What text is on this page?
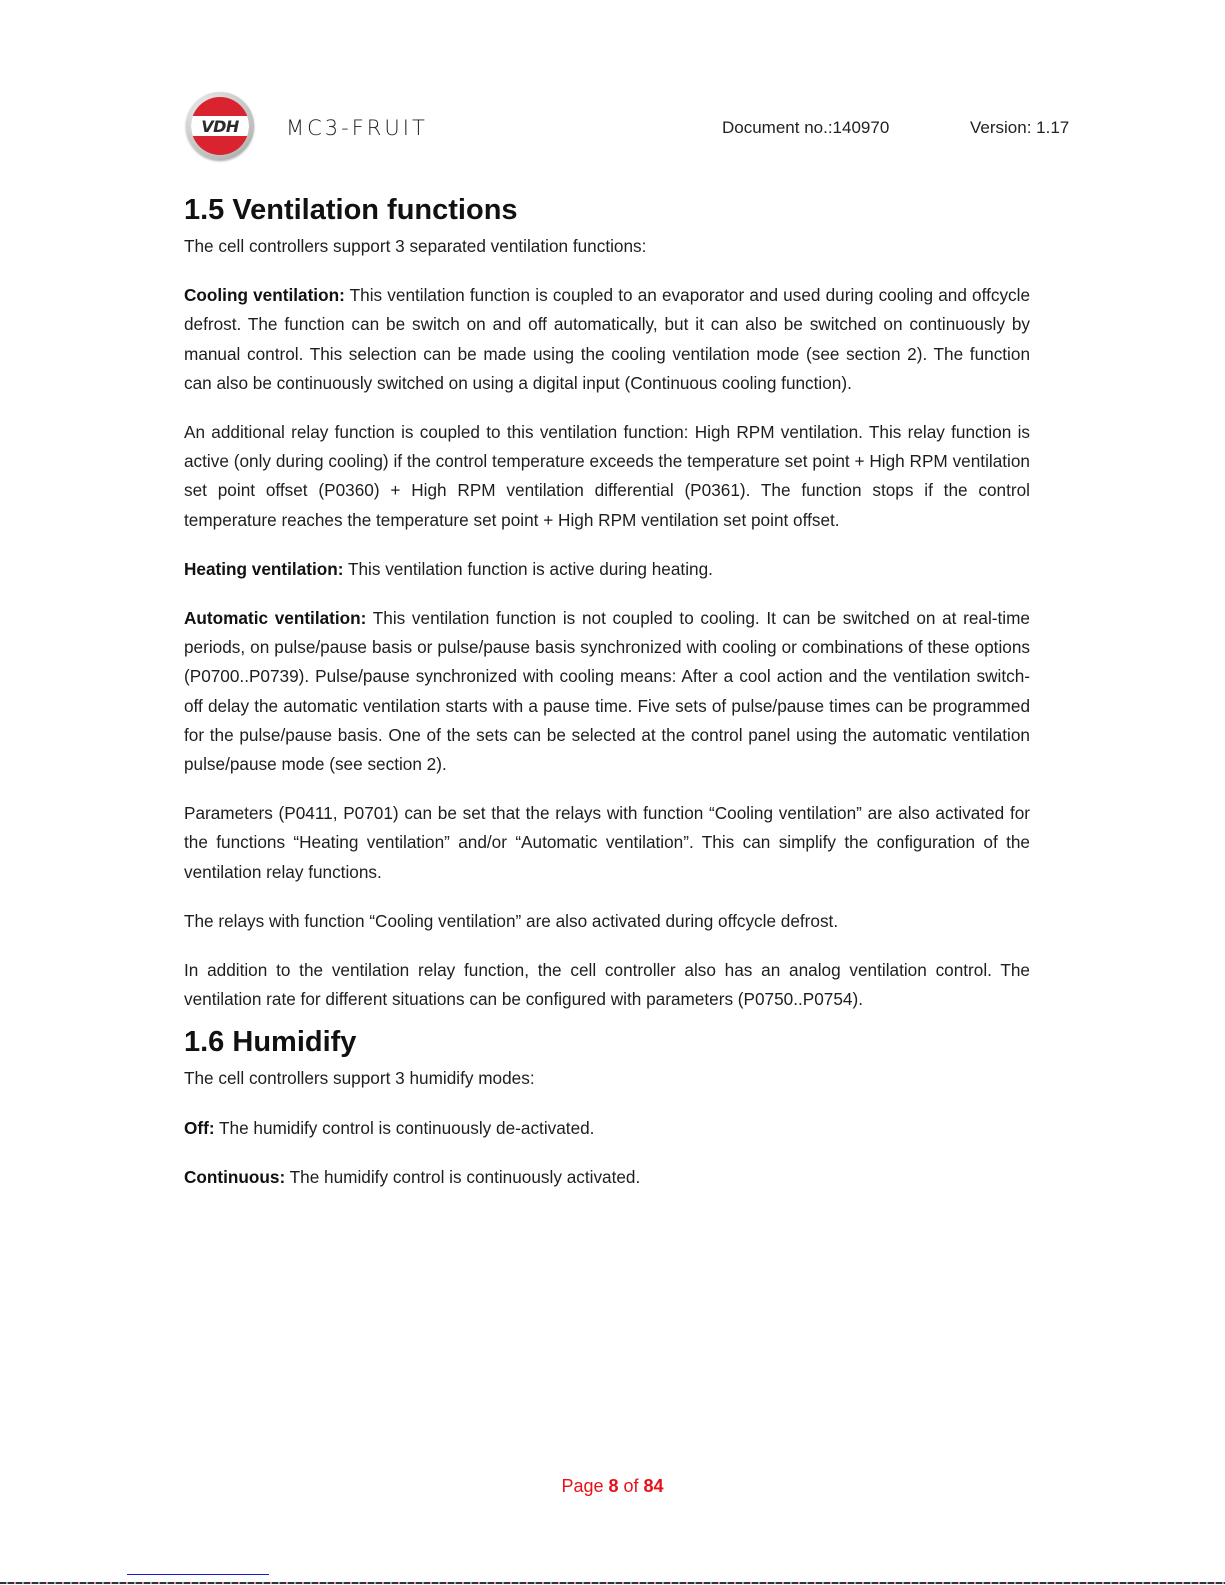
VDH MC3-FRUIT	Document no.:140970	Version: 1.17
1.5 Ventilation functions

The cell controllers support 3 separated ventilation functions:

Cooling ventilation: This ventilation function is coupled to an evaporator and used during cooling and offcycle defrost. The function can be switch on and off automatically, but it can also be switched on continuously by manual control. This selection can be made using the cooling ventilation mode (see section 2). The function can also be continuously switched on using a digital input (Continuous cooling function).

An additional relay function is coupled to this ventilation function: High RPM ventilation. This relay function is active (only during cooling) if the control temperature exceeds the temperature set point + High RPM ventilation set point offset (P0360) + High RPM ventilation differential (P0361). The function stops if the control temperature reaches the temperature set point + High RPM ventilation set point offset.

Heating ventilation: This ventilation function is active during heating.

Automatic ventilation: This ventilation function is not coupled to cooling. It can be switched on at real-time periods, on pulse/pause basis or pulse/pause basis synchronized with cooling or combinations of these options (P0700..P0739). Pulse/pause synchronized with cooling means: After a cool action and the ventilation switch-off delay the automatic ventilation starts with a pause time. Five sets of pulse/pause times can be programmed for the pulse/pause basis. One of the sets can be selected at the control panel using the automatic ventilation pulse/pause mode (see section 2).

Parameters (P0411, P0701) can be set that the relays with function “Cooling ventilation” are also activated for the functions “Heating ventilation” and/or “Automatic ventilation”. This can simplify the configuration of the ventilation relay functions.

The relays with function “Cooling ventilation” are also activated during offcycle defrost.

In addition to the ventilation relay function, the cell controller also has an analog ventilation control. The ventilation rate for different situations can be configured with parameters (P0750..P0754).

1.6 Humidify

The cell controllers support 3 humidify modes:

Off: The humidify control is continuously de-activated.

Continuous: The humidify control is continuously activated.

Page 8 of 84
